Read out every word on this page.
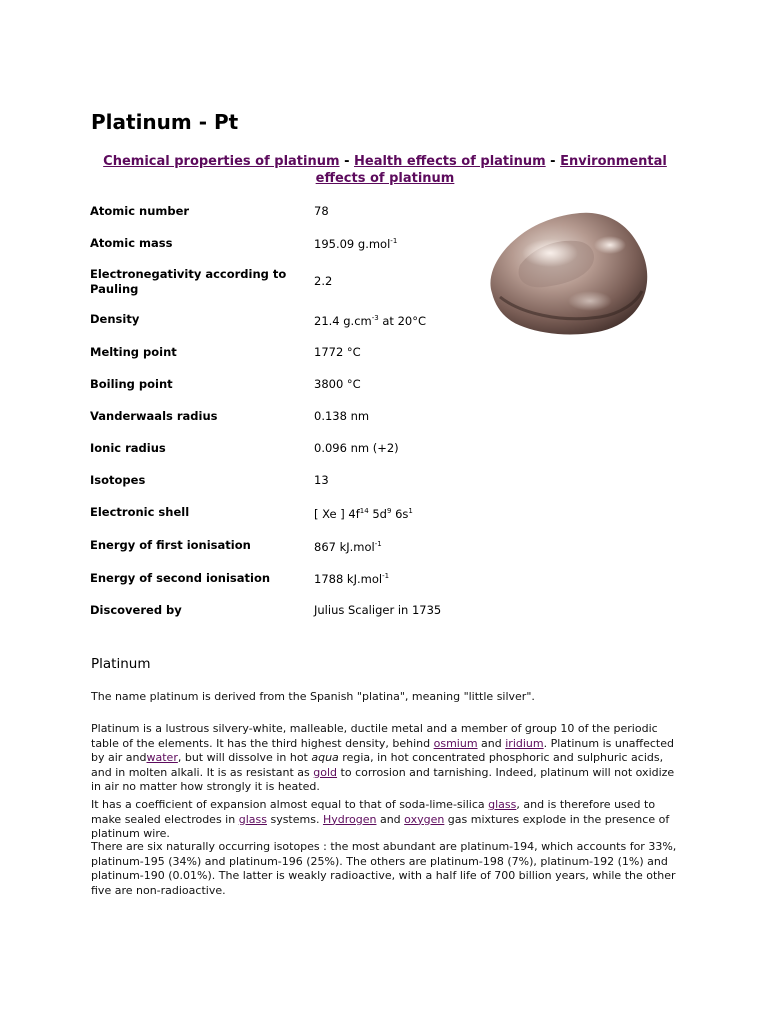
Platinum - Pt
Chemical properties of platinum - Health effects of platinum - Environmental effects of platinum
Atomic number	78
Atomic mass	195.09 g.mol$^{-1}$
Electronegativity according to Pauling	2.2
Density	21.4 $g.cm^{-3}$ at 20°C
Melting point	1772 °C
Boiling point	3800 °C
Vanderwaals radius	0.138 nm
Ionic radius	0.096 nm (+2)
Isotopes	13
Electronic shell	[ Xe ] $4f^{14}$ $5d^9$ $6s^1$
Energy of first ionisation	867 kJ.mol$^{-1}$
Energy of second ionisation	1788 kJ.mol$^{-1}$
Discovered by	Julius Scaliger in 1735
Platinum

The name platinum is derived from the Spanish "platina", meaning "little silver".

Platinum is a lustrous silvery-white, malleable, ductile metal and a member of group 10 of the periodic table of the elements. It has the third highest density, behind osmium and iridium. Platinum is unaffected by air andwater, but will dissolve in hot aqua regia, in hot concentrated phosphoric and sulphuric acids, and in molten alkali. It is as resistant as gold to corrosion and tarnishing. Indeed, platinum will not oxidize in air no matter how strongly it is heated.

It has a coefficient of expansion almost equal to that of soda-lime-silica glass, and is therefore used to make sealed electrodes in glass systems. Hydrogen and oxygen gas mixtures explode in the presence of platinum wire.

There are six naturally occurring isotopes : the most abundant are platinum-194, which accounts for 33%, platinum-195 (34%) and platinum-196 (25%). The others are platinum-198 (7%), platinum-192 (1%) and platinum-190 (0.01%). The latter is weakly radioactive, with a half life of 700 billion years, while the other five are non-radioactive.
